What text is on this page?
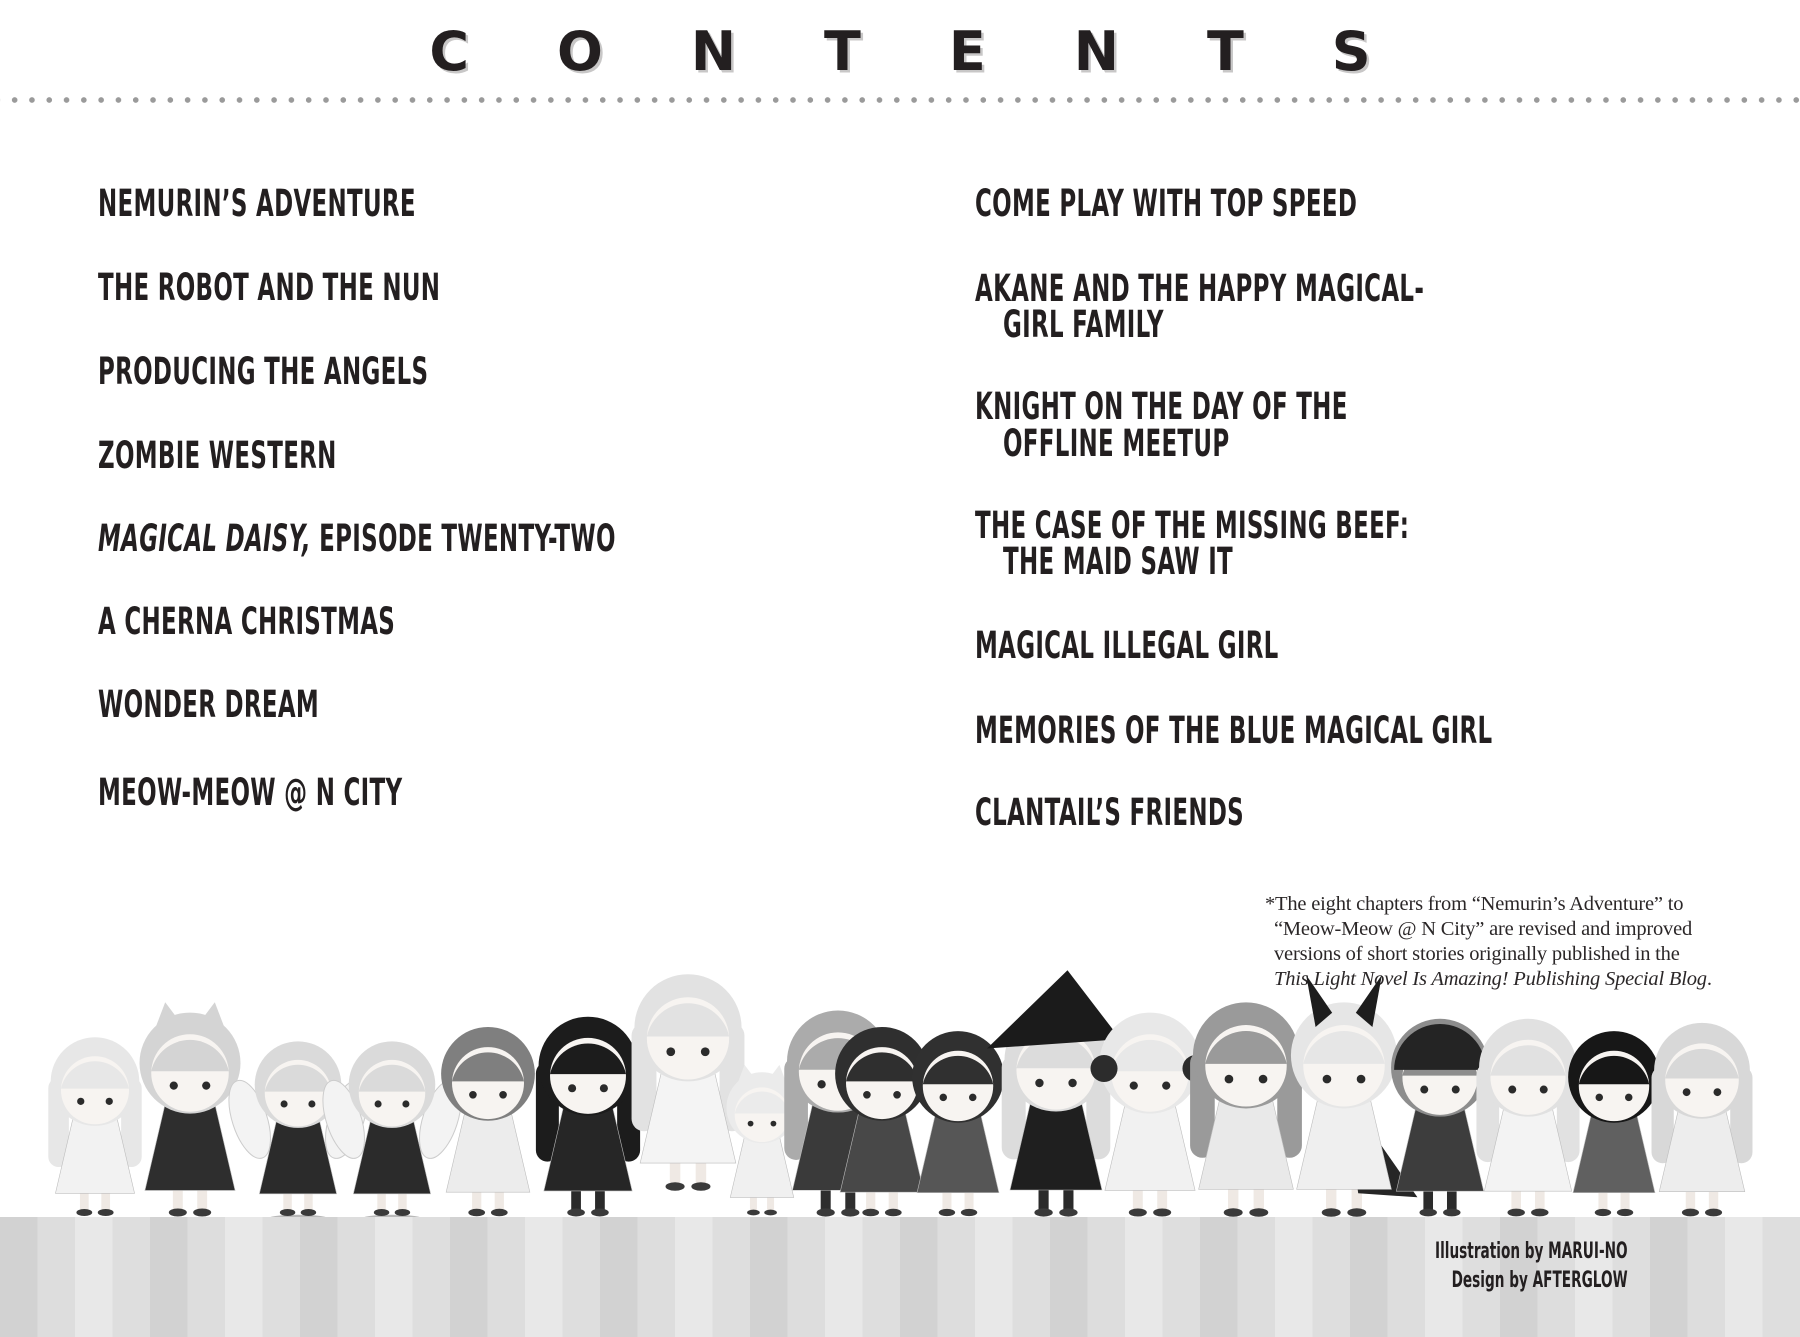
CONTENTS
NEMURIN’S ADVENTURE
THE ROBOT AND THE NUN
PRODUCING THE ANGELS
ZOMBIE WESTERN
MAGICAL DAISY, EPISODE TWENTY-TWO
A CHERNA CHRISTMAS
WONDER DREAM
MEOW-MEOW @ N CITY
COME PLAY WITH TOP SPEED
AKANE AND THE HAPPY MAGICAL-
GIRL FAMILY
KNIGHT ON THE DAY OF THE
OFFLINE MEETUP
THE CASE OF THE MISSING BEEF:
THE MAID SAW IT
MAGICAL ILLEGAL GIRL
MEMORIES OF THE BLUE MAGICAL GIRL
CLANTAIL’S FRIENDS
*The eight chapters from “Nemurin’s Adventure” to
“Meow-Meow @ N City” are revised and improved
versions of short stories originally published in the
This Light Novel Is Amazing! Publishing Special Blog.
Illustration by MARUI-NO
Design by AFTERGLOW
